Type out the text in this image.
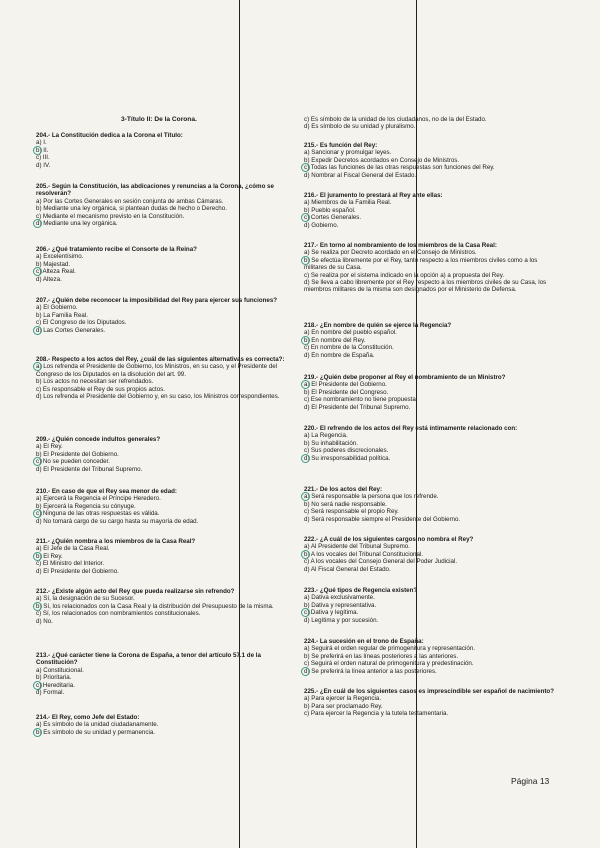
3-Título II: De la Corona.
204.- La Constitución dedica a la Corona el Título:
a) I.
b) II.
c) III.
d) IV.
205.- Según la Constitución, las abdicaciones y renuncias a la Corona, ¿cómo se resolverán?
a) Por las Cortes Generales en sesión conjunta de ambas Cámaras.
b) Mediante una ley orgánica, si plantean dudas de hecho o Derecho.
c) Mediante el mecanismo previsto en la Constitución.
d) Mediante una ley orgánica.
206.- ¿Qué tratamiento recibe el Consorte de la Reina?
a) Excelentísimo.
b) Majestad.
c) Alteza Real.
d) Alteza.
207.- ¿Quién debe reconocer la imposibilidad del Rey para ejercer sus funciones?
a) El Gobierno.
b) La Familia Real.
c) El Congreso de los Diputados.
d) Las Cortes Generales.
208.- Respecto a los actos del Rey, ¿cuál de las siguientes alternativas es correcta?:
a) Los refrenda el Presidente de Gobierno, los Ministros, en su caso, y el Presidente del Congreso de los Diputados en la disolución del art. 99.
b) Los actos no necesitan ser refrendados.
c) Es responsable el Rey de sus propios actos.
d) Los refrenda el Presidente del Gobierno y, en su caso, los Ministros correspondientes.
209.- ¿Quién concede indultos generales?
a) El Rey.
b) El Presidente del Gobierno.
c) No se pueden conceder.
d) El Presidente del Tribunal Supremo.
210.- En caso de que el Rey sea menor de edad:
a) Ejercerá la Regencia el Príncipe Heredero.
b) Ejercerá la Regencia su cónyuge.
c) Ninguna de las otras respuestas es válida.
d) No tomará cargo de su cargo hasta su mayoría de edad.
211.- ¿Quién nombra a los miembros de la Casa Real?
a) El Jefe de la Casa Real.
b) El Rey.
c) El Ministro del Interior.
d) El Presidente del Gobierno.
212.- ¿Existe algún acto del Rey que pueda realizarse sin refrendo?
a) Sí, la designación de su Sucesor.
b) Sí, los relacionados con la Casa Real y la distribución del Presupuesto de la misma.
c) Sí, los relacionados con nombramientos constitucionales.
d) No.
213.- ¿Qué carácter tiene la Corona de España, a tenor del artículo 57.1 de la Constitución?
a) Constitucional.
b) Prioritaria.
c) Hereditaria.
d) Formal.
214.- El Rey, como Jefe del Estado:
a) Es símbolo de la unidad ciudadanamente.
b) Es símbolo de su unidad y permanencia.
c) Es símbolo de la unidad de los ciudadanos, no de la del Estado.
d) Es símbolo de su unidad y pluralismo.
215.- Es función del Rey:
a) Sancionar y promulgar leyes.
b) Expedir Decretos acordados en Consejo de Ministros.
c) Todas las funciones de las otras respuestas son funciones del Rey.
d) Nombrar al Fiscal General del Estado.
216.- El juramento lo prestará al Rey ante ellas:
a) Miembros de la Familia Real.
b) Pueblo español.
c) Cortes Generales.
d) Gobierno.
217.- En torno al nombramiento de los miembros de la Casa Real:
a) Se realiza por Decreto acordado en el Consejo de Ministros.
b) Se efectúa libremente por el Rey, tanto respecto a los miembros civiles como a los militares de su Casa.
c) Se realiza por el sistema indicado en la opción a) a propuesta del Rey.
d) Se lleva a cabo libremente por el Rey respecto a los miembros civiles de su Casa, los miembros militares de la misma son designados por el Ministerio de Defensa.
218.- ¿En nombre de quién se ejerce la Regencia?
a) En nombre del pueblo español.
b) En nombre del Rey.
c) En nombre de la Constitución.
d) En nombre de España.
219.- ¿Quién debe proponer al Rey el nombramiento de un Ministro?
a) El Presidente del Gobierno.
b) El Presidente del Congreso.
c) Ese nombramiento no tiene propuesta.
d) El Presidente del Tribunal Supremo.
220.- El refrendo de los actos del Rey está íntimamente relacionado con:
a) La Regencia.
b) Su inhabilitación.
c) Sus poderes discrecionales.
d) Su irresponsabilidad política.
221.- De los actos del Rey:
a) Será responsable la persona que los refrende.
b) No será nadie responsable.
c) Será responsable el propio Rey.
d) Será responsable siempre el Presidente del Gobierno.
222.- ¿A cuál de los siguientes cargos no nombra el Rey?
a) Al Presidente del Tribunal Supremo.
b) A los vocales del Tribunal Constitucional.
c) A los vocales del Consejo General del Poder Judicial.
d) Al Fiscal General del Estado.
223.- ¿Qué tipos de Regencia existen?
a) Dativa exclusivamente.
b) Dativa y representativa.
c) Dativa y legítima.
d) Legítima y por sucesión.
224.- La sucesión en el trono de España:
a) Seguirá el orden regular de primogenitura y representación.
b) Se preferirá en las líneas posteriores a las anteriores.
c) Seguirá el orden natural de primogenitura y predestinación.
d) Se preferirá la línea anterior a las posteriores.
225.- ¿En cuál de los siguientes casos es imprescindible ser español de nacimiento?
a) Para ejercer la Regencia.
b) Para ser proclamado Rey.
c) Para ejercer la Regencia y la tutela testamentaria.
Página 13
